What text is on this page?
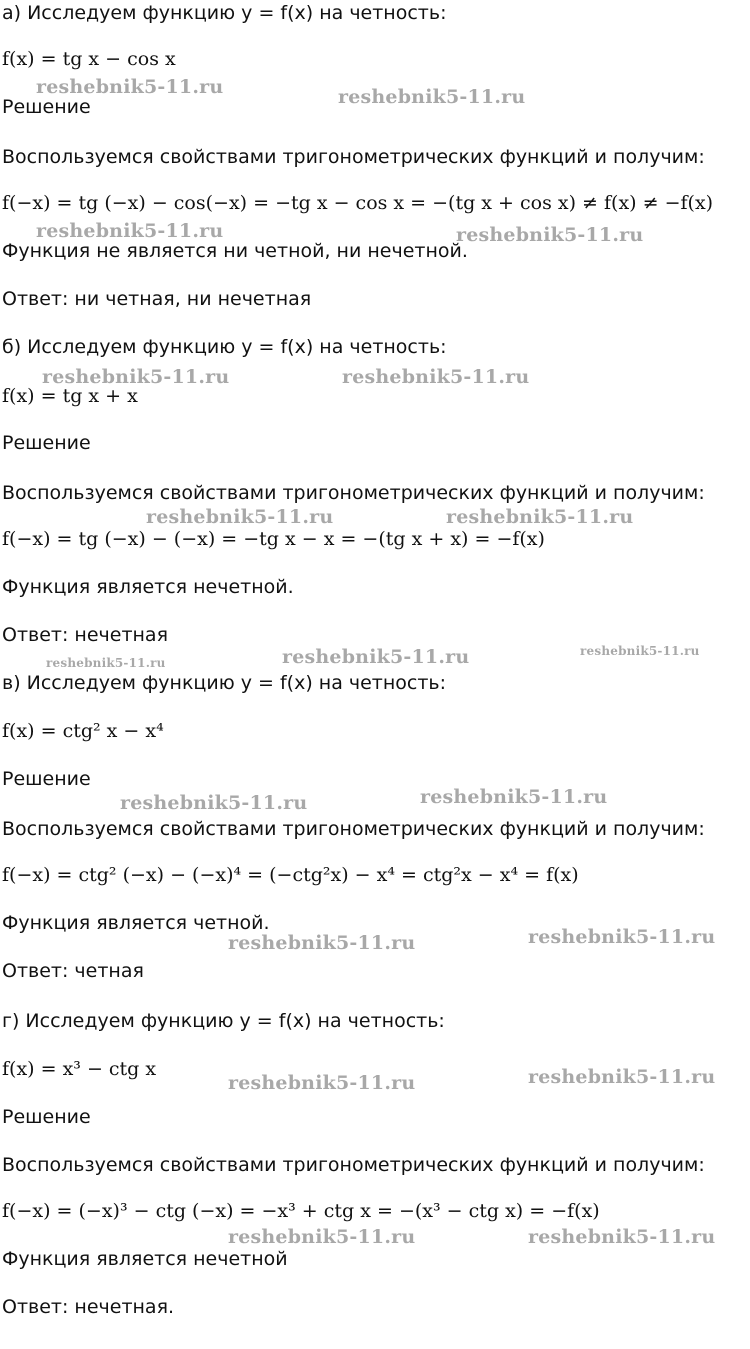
а) Исследуем функцию y = f(x) на четность:
f(x) = tg x − cos x
Решение
Воспользуемся свойствами тригонометрических функций и получим:
f(−x) = tg (−x) − cos(−x) = −tg x − cos x = −(tg x + cos x) ≠ f(x) ≠ −f(x)
Функция не является ни четной, ни нечетной.
Ответ: ни четная, ни нечетная
б) Исследуем функцию y = f(x) на четность:
f(x) = tg x + x
Решение
Воспользуемся свойствами тригонометрических функций и получим:
f(−x) = tg (−x) − (−x) = −tg x − x = −(tg x + x) = −f(x)
Функция является нечетной.
Ответ: нечетная
в) Исследуем функцию y = f(x) на четность:
f(x) = ctg² x − x⁴
Решение
Воспользуемся свойствами тригонометрических функций и получим:
f(−x) = ctg² (−x) − (−x)⁴ = (−ctg²x) − x⁴ = ctg²x − x⁴ = f(x)
Функция является четной.
Ответ: четная
г) Исследуем функцию y = f(x) на четность:
f(x) = x³ − ctg x
Решение
Воспользуемся свойствами тригонометрических функций и получим:
f(−x) = (−x)³ − ctg (−x) = −x³ + ctg x = −(x³ − ctg x) = −f(x)
Функция является нечетной
Ответ: нечетная.
reshebnik5-11.ru	reshebnik5-11.ru
reshebnik5-11.ru	reshebnik5-11.ru
reshebnik5-11.ru	reshebnik5-11.ru
reshebnik5-11.ru	reshebnik5-11.ru
reshebnik5-11.ru	reshebnik5-11.ru	reshebnik5-11.ru
reshebnik5-11.ru	reshebnik5-11.ru
reshebnik5-11.ru	reshebnik5-11.ru
reshebnik5-11.ru	reshebnik5-11.ru
reshebnik5-11.ru	reshebnik5-11.ru
